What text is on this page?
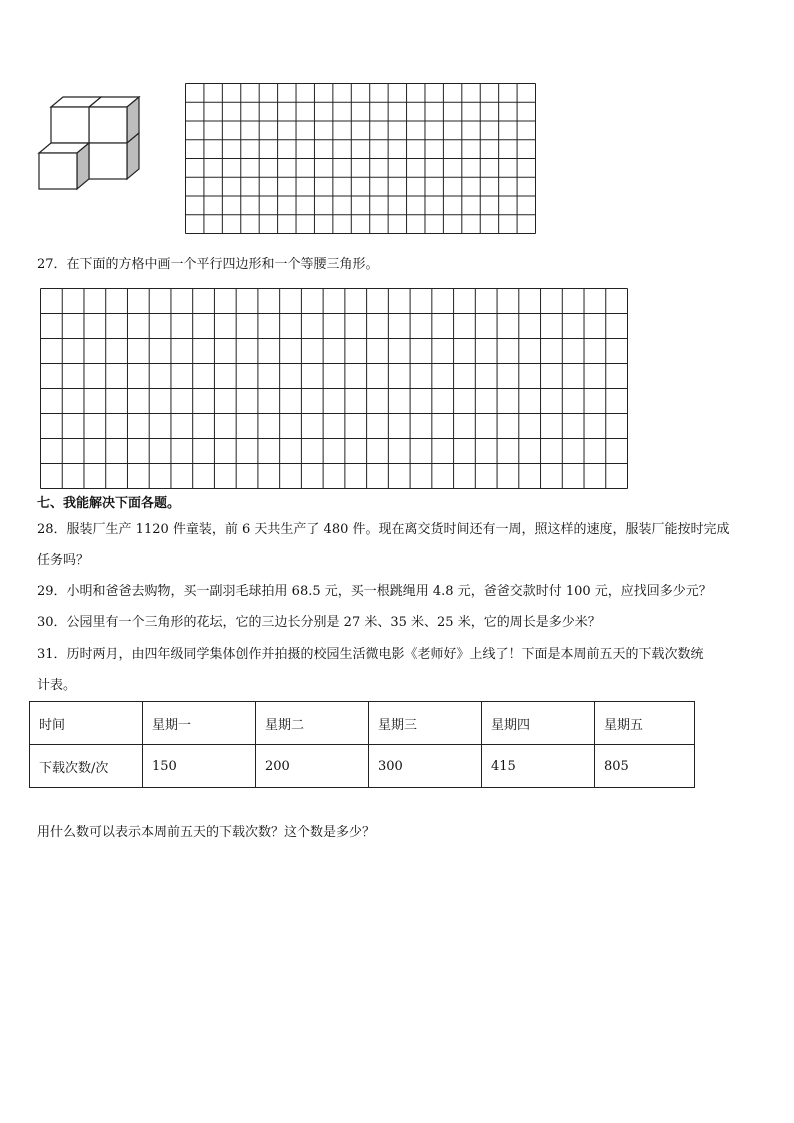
27．在下面的方格中画一个平行四边形和一个等腰三角形。
七、我能解决下面各题。
28．服装厂生产 1120 件童装，前 6 天共生产了 480 件。现在离交货时间还有一周，照这样的速度，服装厂能按时完成
任务吗？
29．小明和爸爸去购物，买一副羽毛球拍用 68.5 元，买一根跳绳用 4.8 元，爸爸交款时付 100 元，应找回多少元？
30．公园里有一个三角形的花坛，它的三边长分别是 27 米、35 米、25 米，它的周长是多少米？
31．历时两月，由四年级同学集体创作并拍摄的校园生活微电影《老师好》上线了！下面是本周前五天的下载次数统
计表。
时间	星期一	星期二	星期三	星期四	星期五
下载次数/次	150	200	300	415	805
用什么数可以表示本周前五天的下载次数？这个数是多少？
